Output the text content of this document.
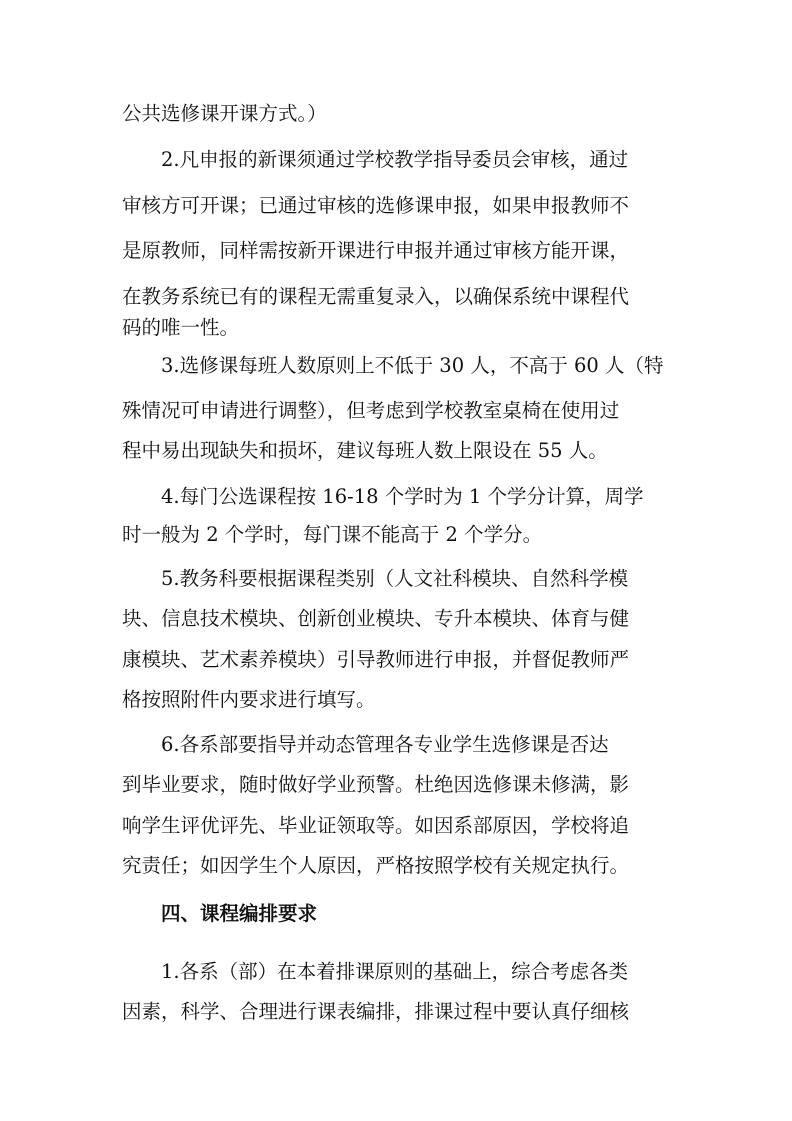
公共选修课开课方式。）
2.凡申报的新课须通过学校教学指导委员会审核，通过
审核方可开课；已通过审核的选修课申报，如果申报教师不
是原教师，同样需按新开课进行申报并通过审核方能开课，
在教务系统已有的课程无需重复录入，以确保系统中课程代
码的唯一性。
3.选修课每班人数原则上不低于 30 人，不高于 60 人（特
殊情况可申请进行调整），但考虑到学校教室桌椅在使用过
程中易出现缺失和损坏，建议每班人数上限设在 55 人。
4.每门公选课程按 16-18 个学时为 1 个学分计算，周学
时一般为 2 个学时，每门课不能高于 2 个学分。
5.教务科要根据课程类别（人文社科模块、自然科学模
块、信息技术模块、创新创业模块、专升本模块、体育与健
康模块、艺术素养模块）引导教师进行申报，并督促教师严
格按照附件内要求进行填写。
6.各系部要指导并动态管理各专业学生选修课是否达
到毕业要求，随时做好学业预警。杜绝因选修课未修满，影
响学生评优评先、毕业证领取等。如因系部原因，学校将追
究责任；如因学生个人原因，严格按照学校有关规定执行。
四、课程编排要求
1.各系（部）在本着排课原则的基础上，综合考虑各类
因素，科学、合理进行课表编排，排课过程中要认真仔细核
